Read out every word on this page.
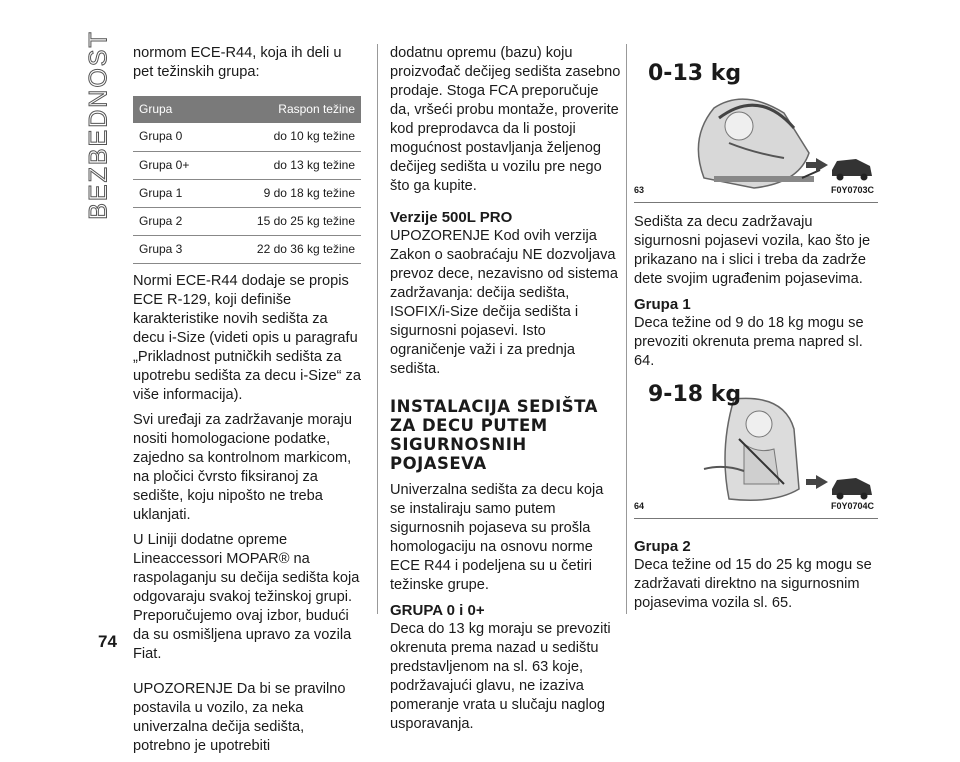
BEZBEDNOST normom ECE-R44, koja ih deli u pet težinskih grupa:

Grupa	Raspon težine
Grupa 0	do 10 kg težine
Grupa 0+	do 13 kg težine
Grupa 1	9 do 18 kg težine
Grupa 2	15 do 25 kg težine
Grupa 3	22 do 36 kg težine

Normi ECE-R44 dodaje se propis ECE R-129, koji definiše karakteristike novih sedišta za decu i-Size (videti opis u paragrafu „Prikladnost putničkih sedišta za upotrebu sedišta za decu i-Size“ za više informacija).

Svi uređaji za zadržavanje moraju nositi homologacione podatke, zajedno sa kontrolnom markicom, na pločici čvrsto fiksiranoj za sedište, koju nipošto ne treba uklanjati.

U Liniji dodatne opreme Lineaccessori MOPAR® na raspolaganju su dečija sedišta koja odgovaraju svakoj težinskoj grupi. Preporučujemo ovaj izbor, budući da su osmišljena upravo za vozila Fiat.

UPOZORENJE Da bi se pravilno postavila u vozilo, za neka univerzalna dečija sedišta, potrebno je upotrebiti

dodatnu opremu (bazu) koju proizvođač dečijeg sedišta zasebno prodaje. Stoga FCA preporučuje da, vršeći probu montaže, proverite kod preprodavca da li postoji mogućnost postavljanja željenog dečijeg sedišta u vozilu pre nego što ga kupite.

Verzije 500L PRO

UPOZORENJE Kod ovih verzija Zakon o saobraćaju NE dozvoljava prevoz dece, nezavisno od sistema zadržavanja: dečija sedišta, ISOFIX/i-Size dečija sedišta i sigurnosni pojasevi. Isto ograničenje važi i za prednja sedišta.

INSTALACIJA SEDIŠTA ZA DECU PUTEM SIGURNOSNIH POJASEVA

Univerzalna sedišta za decu koja se instaliraju samo putem sigurnosnih pojaseva su prošla homologaciju na osnovu norme ECE R44 i podeljena su u četiri težinske grupe.

GRUPA 0 i 0+

Deca do 13 kg moraju se prevoziti okrenuta prema nazad u sedištu predstavljenom na sl. 63 koje, podržavajući glavu, ne izaziva pomeranje vrata u slučaju naglog usporavanja.

0-13 kg
63	F0Y0703C

Sedišta za decu zadržavaju sigurnosni pojasevi vozila, kao što je prikazano na i slici i treba da zadrže dete svojim ugrađenim pojasevima.

Grupa 1

Deca težine od 9 do 18 kg mogu se prevoziti okrenuta prema napred sl. 64.

9-18 kg
64	F0Y0704C
Grupa 2

Deca težine od 15 do 25 kg mogu se zadržavati direktno na sigurnosnim pojasevima vozila sl. 65.

74
